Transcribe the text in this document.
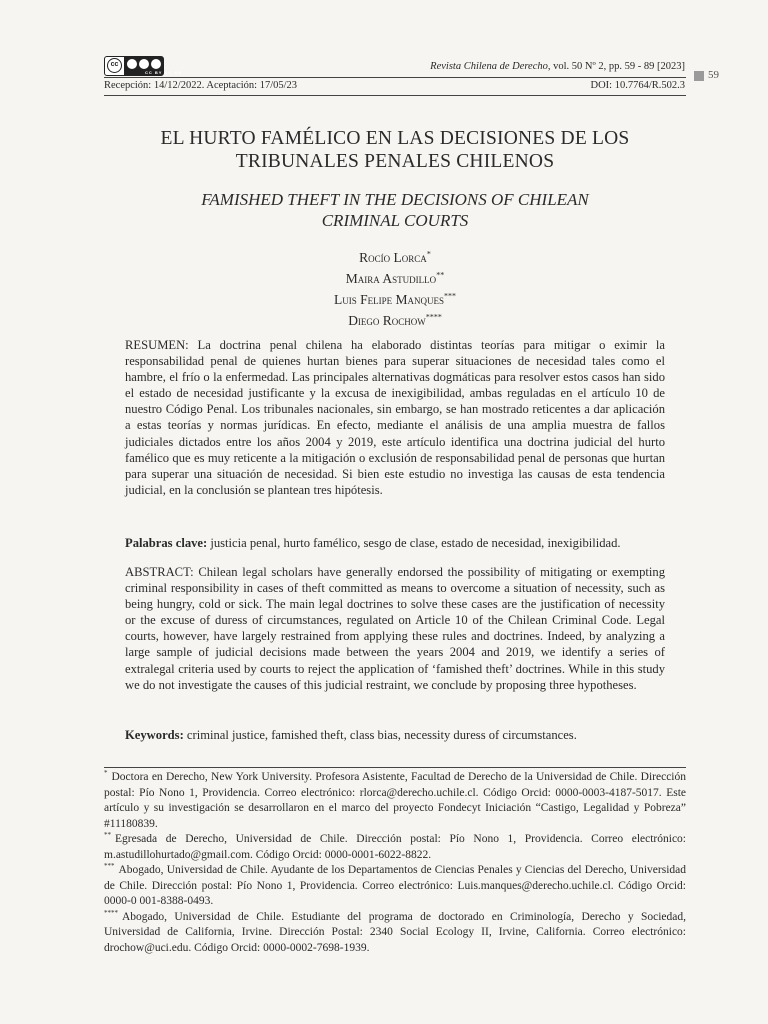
cc
CC BY NC ND
Revista Chilena de Derecho, vol. 50 Nº 2, pp. 59 - 89 [2023]
Recepción: 14/12/2022. Aceptación: 17/05/23	DOI: 10.7764/R.502.3
59
EL HURTO FAMÉLICO EN LAS DECISIONES DE LOS
TRIBUNALES PENALES CHILENOS
FAMISHED THEFT IN THE DECISIONS OF CHILEAN
CRIMINAL COURTS
Rocío Lorca*
Maira Astudillo**
Luis Felipe Manques***
Diego Rochow****
RESUMEN: La doctrina penal chilena ha elaborado distintas teorías para mitigar o eximir la responsabilidad penal de quienes hurtan bienes para superar situaciones de necesidad tales como el hambre, el frío o la enfermedad. Las principales alternativas dogmáticas para resolver estos casos han sido el estado de necesidad justificante y la excusa de inexigibilidad, ambas reguladas en el artículo 10 de nuestro Código Penal. Los tribunales nacionales, sin embargo, se han mostrado reticentes a dar aplicación a estas teorías y normas jurídicas. En efecto, mediante el análisis de una amplia muestra de fallos judiciales dictados entre los años 2004 y 2019, este artículo identifica una doctrina judicial del hurto famélico que es muy reticente a la mitigación o exclusión de responsabilidad penal de personas que hurtan para superar una situación de necesidad. Si bien este estudio no investiga las causas de esta tendencia judicial, en la conclusión se plantean tres hipótesis.
Palabras clave: justicia penal, hurto famélico, sesgo de clase, estado de necesidad, inexigibilidad.
ABSTRACT: Chilean legal scholars have generally endorsed the possibility of mitigating or exempting criminal responsibility in cases of theft committed as means to overcome a situation of necessity, such as being hungry, cold or sick. The main legal doctrines to solve these cases are the justification of necessity or the excuse of duress of circumstances, regulated on Article 10 of the Chilean Criminal Code. Legal courts, however, have largely restrained from applying these rules and doctrines. Indeed, by analyzing a large sample of judicial decisions made between the years 2004 and 2019, we identify a series of extralegal criteria used by courts to reject the application of ‘famished theft’ doctrines. While in this study we do not investigate the causes of this judicial restraint, we conclude by proposing three hypotheses.
Keywords: criminal justice, famished theft, class bias, necessity duress of circumstances.

* Doctora en Derecho, New York University. Profesora Asistente, Facultad de Derecho de la Universidad de Chile. Dirección postal: Pío Nono 1, Providencia. Correo electrónico: rlorca@derecho.uchile.cl. Código Orcid: 0000-0003-4187-5017. Este artículo y su investigación se desarrollaron en el marco del proyecto Fondecyt Iniciación “Castigo, Legalidad y Pobreza” #11180839.

** Egresada de Derecho, Universidad de Chile. Dirección postal: Pío Nono 1, Providencia. Correo electrónico: m.astudillohurtado@gmail.com. Código Orcid: 0000-0001-6022-8822.

*** Abogado, Universidad de Chile. Ayudante de los Departamentos de Ciencias Penales y Ciencias del Derecho, Universidad de Chile. Dirección postal: Pío Nono 1, Providencia. Correo electrónico: Luis.manques@derecho.uchile.cl. Código Orcid: 0000-0 001-8388-0493.

**** Abogado, Universidad de Chile. Estudiante del programa de doctorado en Criminología, Derecho y Sociedad, Universidad de California, Irvine. Dirección Postal: 2340 Social Ecology II, Irvine, California. Correo electrónico: drochow@uci.edu. Código Orcid: 0000-0002-7698-1939.
